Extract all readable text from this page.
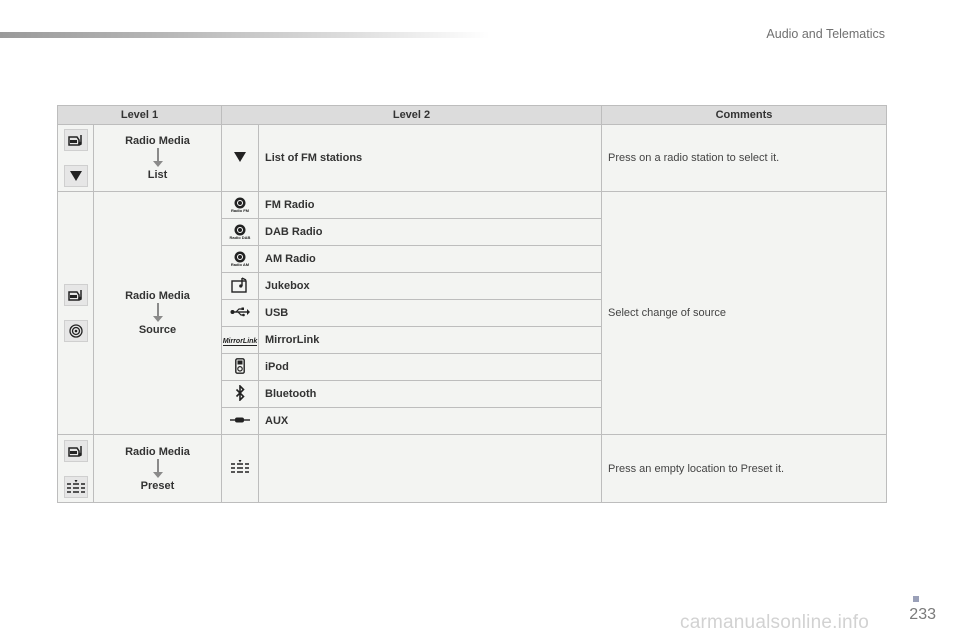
Audio and Telematics
Level 1		Level 2		Comments

Radio Media
List		List of FM stations	Press on a radio station to select it.

Radio Media
Source	Radio FM	FM Radio	Select change of source

		Radio DAB	DAB Radio	

		Radio AM	AM Radio	
	Jukebox	
	USB	
		MirrorLink	MirrorLink	
	iPod	
	Bluetooth	
	AUX	

Radio Media
Preset			Press an empty location to Preset it.
233
carmanualsonline.info
